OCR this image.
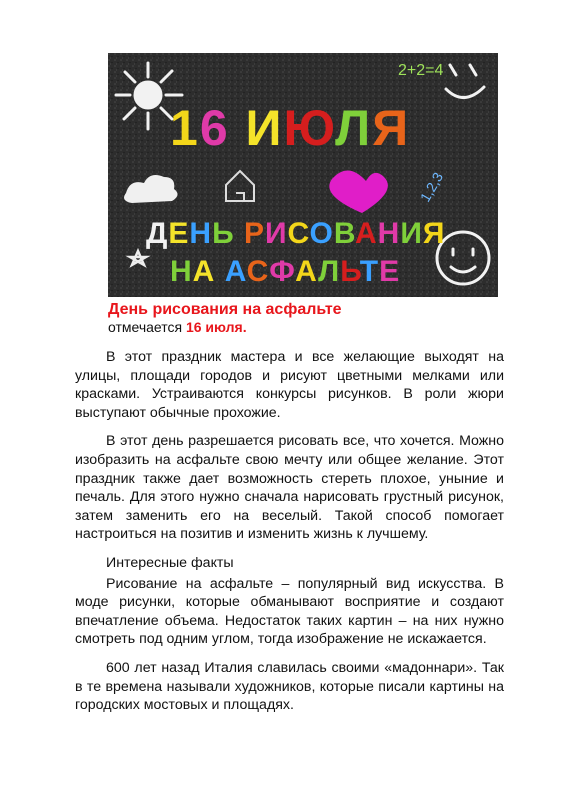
16 ИЮЛЯ
2+2=4
1,2,3
ДЕНЬ РИСОВАНИЯ
НА АСФАЛЬТЕ
День рисования на асфальте
отмечается 16 июля.

В этот праздник мастера и все желающие выходят на улицы, площади городов и рисуют цветными мелками или красками. Устраиваются конкурсы рисунков. В роли жюри выступают обычные прохожие.

В этот день разрешается рисовать все, что хочется. Можно изобразить на асфальте свою мечту или общее желание. Этот праздник также дает возможность стереть плохое, уныние и печаль. Для этого нужно сначала нарисовать грустный рисунок, затем заменить его на веселый. Такой способ помогает настроиться на позитив и изменить жизнь к лучшему.

Интересные факты

Рисование на асфальте – популярный вид искусства. В моде рисунки, которые обманывают восприятие и создают впечатление объема. Недостаток таких картин – на них нужно смотреть под одним углом, тогда изображение не искажается.

600 лет назад Италия славилась своими «мадоннари». Так в те времена называли художников, которые писали картины на городских мостовых и площадях.
